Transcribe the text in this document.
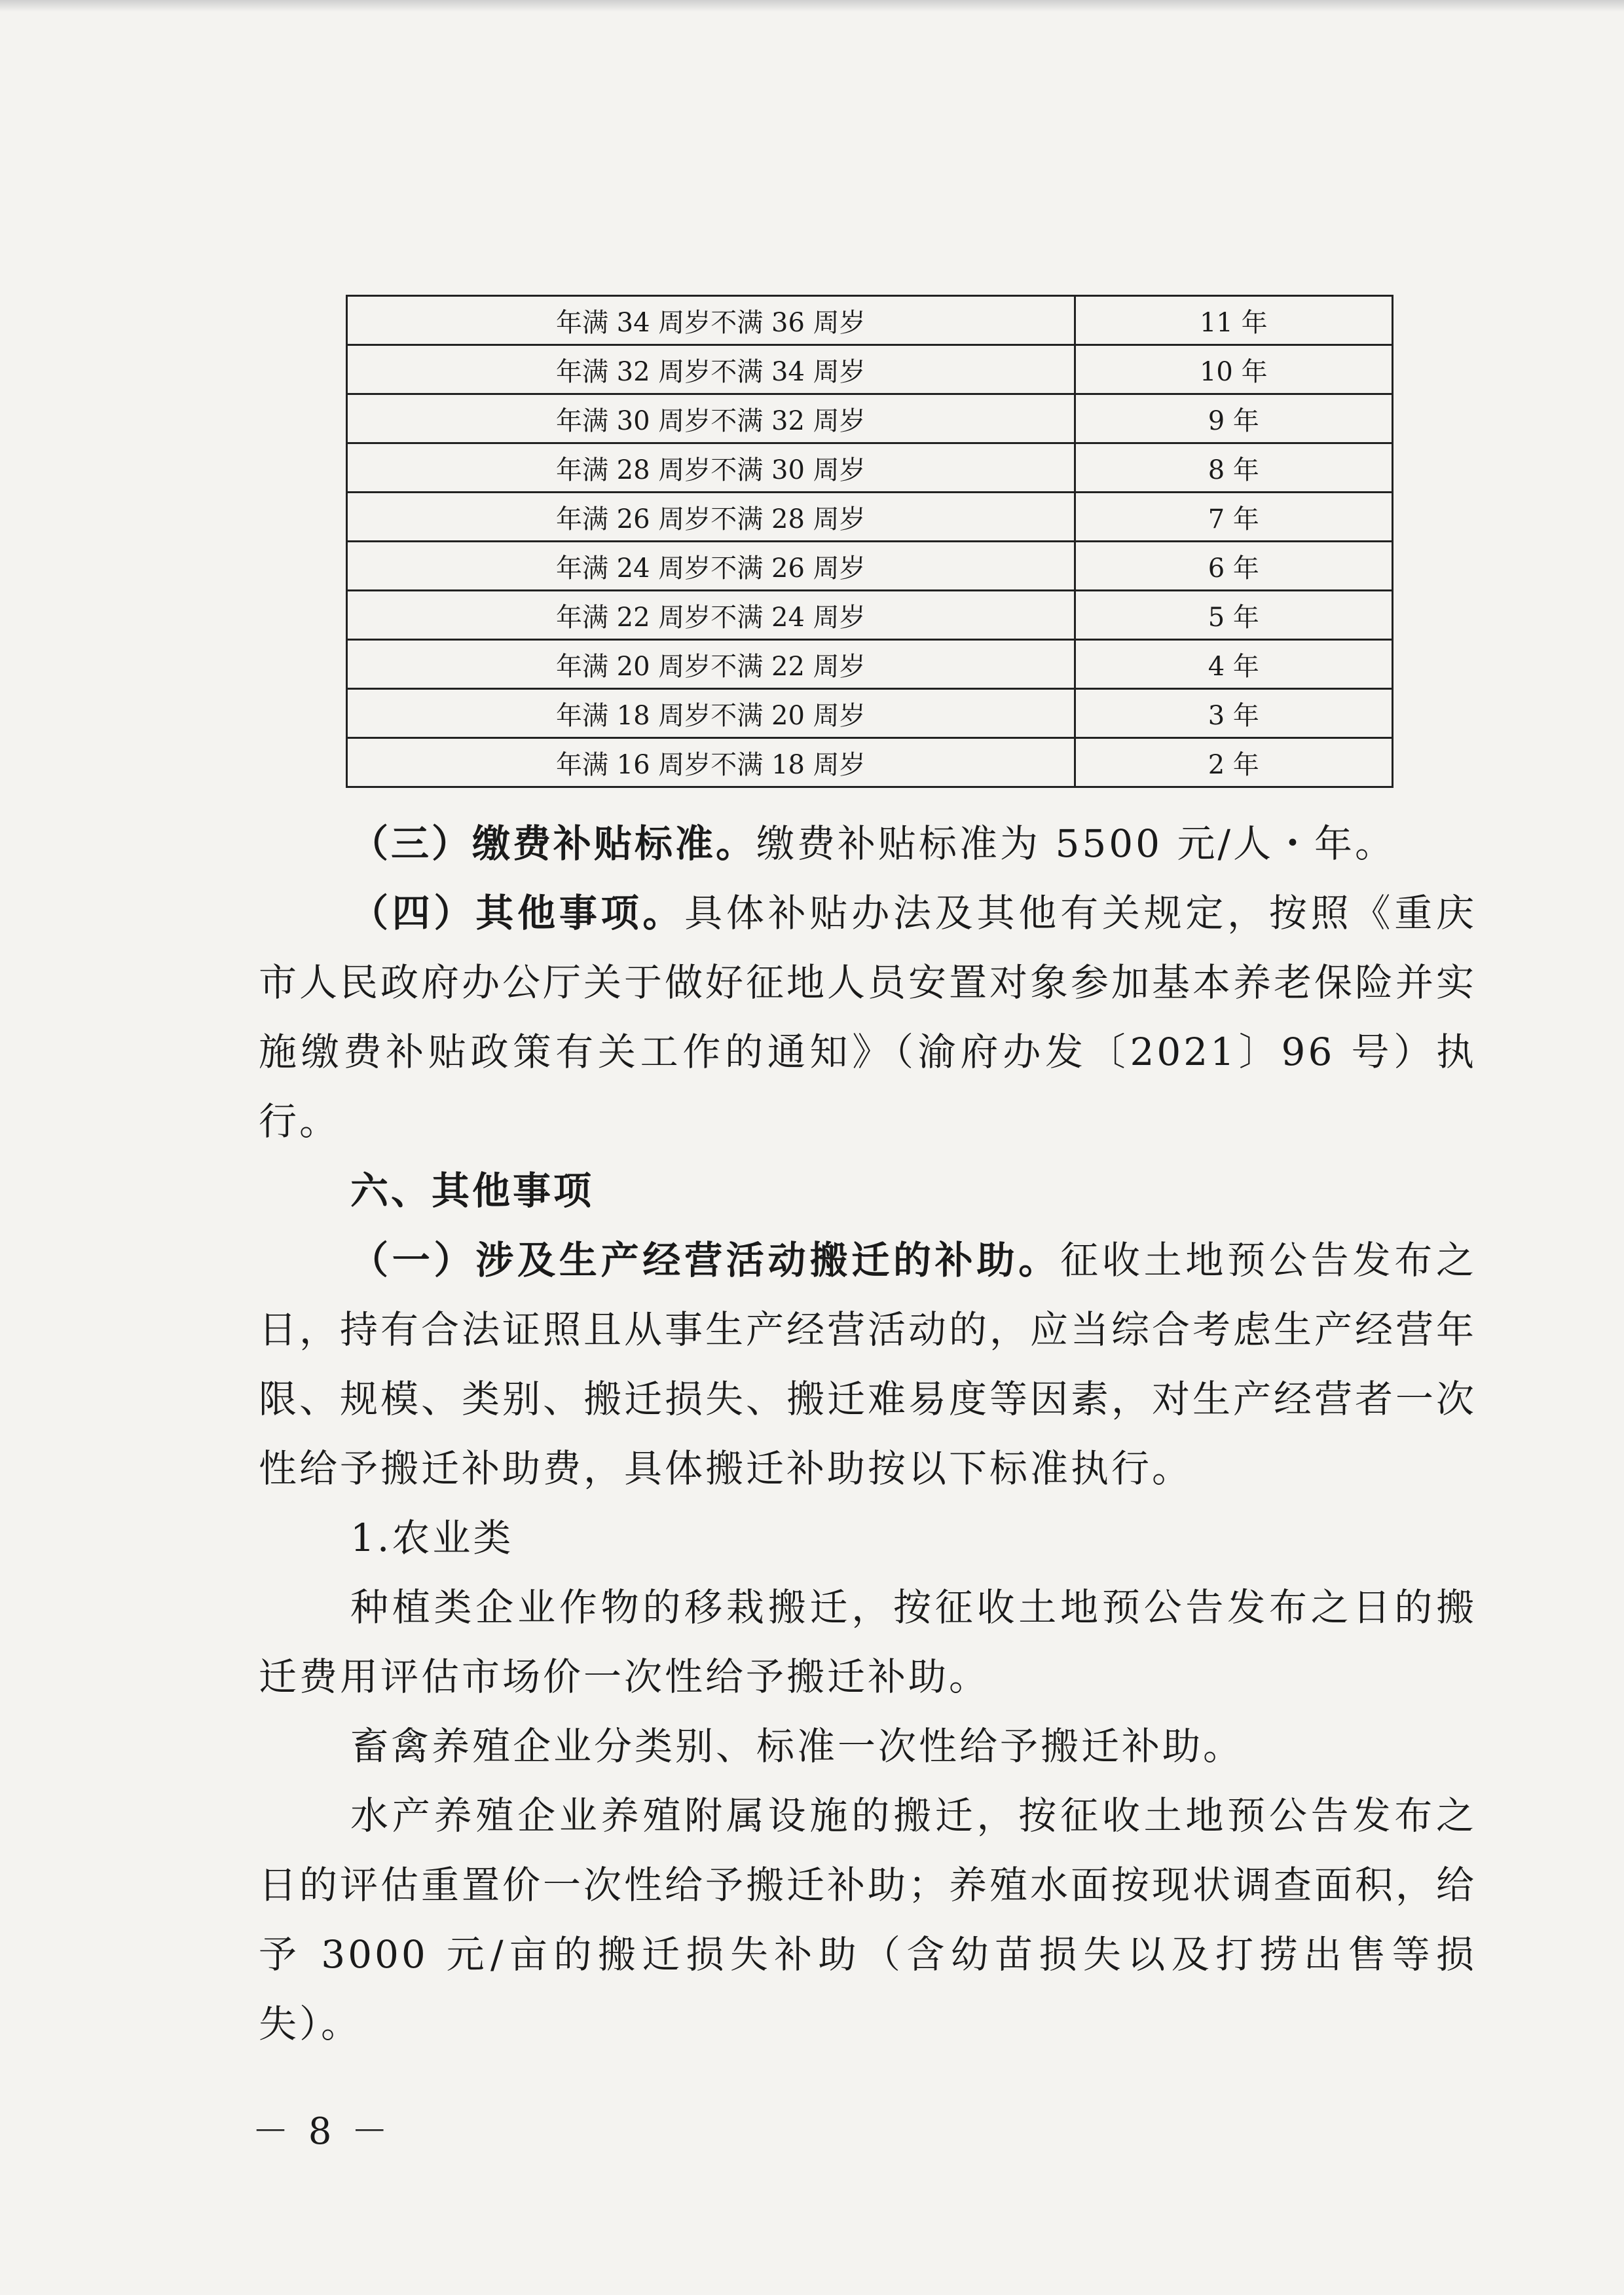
年满 34 周岁不满 36 周岁	11 年
年满 32 周岁不满 34 周岁	10 年
年满 30 周岁不满 32 周岁	9 年
年满 28 周岁不满 30 周岁	8 年
年满 26 周岁不满 28 周岁	7 年
年满 24 周岁不满 26 周岁	6 年
年满 22 周岁不满 24 周岁	5 年
年满 20 周岁不满 22 周岁	4 年
年满 18 周岁不满 20 周岁	3 年
年满 16 周岁不满 18 周岁	2 年

（三）缴费补贴标准。缴费补贴标准为 5500 元/人・年。

（四）其他事项。具体补贴办法及其他有关规定，按照《重庆市人民政府办公厅关于做好征地人员安置对象参加基本养老保险并实施缴费补贴政策有关工作的通知》（渝府办发〔2021〕96 号）执行。

六、其他事项

（一）涉及生产经营活动搬迁的补助。征收土地预公告发布之日，持有合法证照且从事生产经营活动的，应当综合考虑生产经营年限、规模、类别、搬迁损失、搬迁难易度等因素，对生产经营者一次性给予搬迁补助费，具体搬迁补助按以下标准执行。

1.农业类

种植类企业作物的移栽搬迁，按征收土地预公告发布之日的搬迁费用评估市场价一次性给予搬迁补助。

畜禽养殖企业分类别、标准一次性给予搬迁补助。

水产养殖企业养殖附属设施的搬迁，按征收土地预公告发布之日的评估重置价一次性给予搬迁补助；养殖水面按现状调查面积，给予 3000 元/亩的搬迁损失补助（含幼苗损失以及打捞出售等损失）。

－ 8 －
